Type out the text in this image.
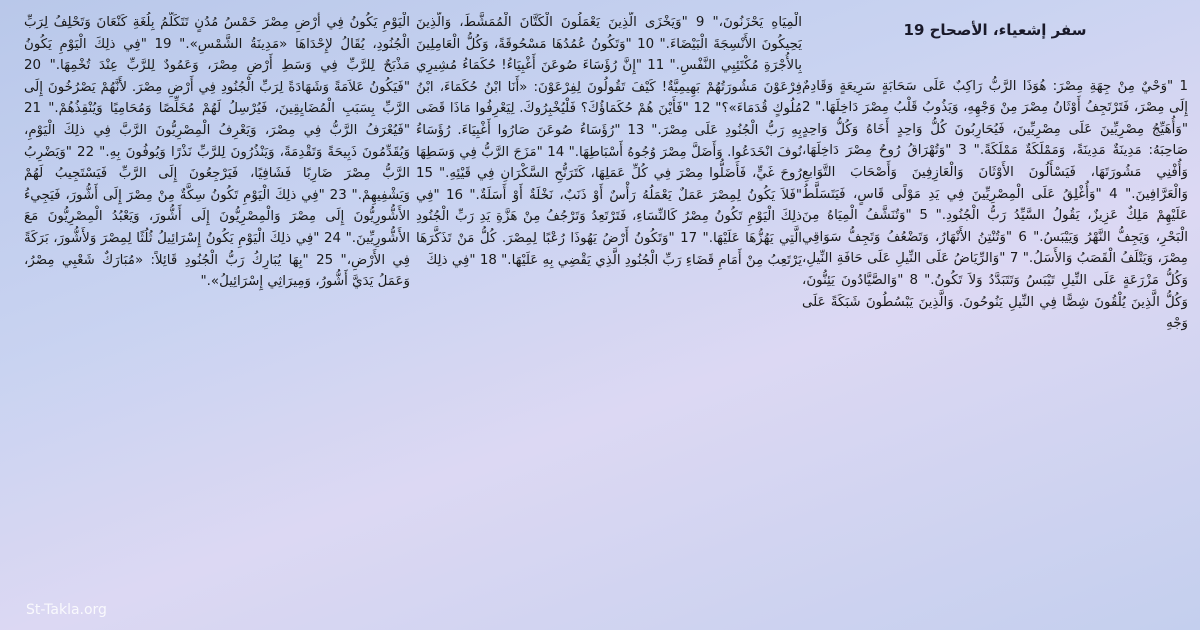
سفر إشعياء، الأصحاح 19
1 "وَحْيٌ مِنْ جِهَةِ مِصْرَ: هُوَذَا الرَّبُّ رَاكِبٌ عَلَى سَحَابَةٍ سَرِيعَةٍ وَقَادِمٌ إِلَى مِصْرَ، فَتَرْتَجِفُ أَوْثَانُ مِصْرَ مِنْ وَجْهِهِ، وَيَذُوبُ قَلْبُ مِصْرَ دَاخِلَهَا." 2 "وَأُهَيِّجُ مِصْرِيِّينَ عَلَى مِصْرِيِّينَ، فَيُحَارِبُونَ كُلُّ وَاحِدٍ أَخَاهُ وَكُلُّ وَاحِدٍ صَاحِبَهُ: مَدِينَةٌ مَدِينَةً، وَمَمْلَكَةٌ مَمْلَكَةً." 3 "وَتُهْرَاقُ رُوحُ مِصْرَ دَاخِلَهَا، وَأُفْنِي مَشُورَتَهَا، فَيَسْأَلُونَ الأَوْثَانَ وَالْعَازِفِينَ وَأَصْحَابَ التَّوَابعِ وَالْعَرَّافِينَ." 4 "وَأُغْلِقُ عَلَى الْمِصْرِيِّينَ فِي يَدِ مَوْلًى قَاسٍ، فَيَتَسَلَّطُ عَلَيْهِمْ مَلِكٌ عَزِيزٌ، يَقُولُ السَّيِّدُ رَبُّ الْجُنُودِ." 5 "وَتُنَشَّفُ الْمِيَاهُ مِنَ الْبَحْرِ، وَيَجِفُّ النَّهْرُ وَيَيْبَسُ." 6 "وَتُنْتِنُ الأَنْهَارُ، وَتَضْعُفُ وَتَجِفُّ سَوَاقِي مِصْرَ، وَيَتْلَفُ الْقَصَبُ وَالأَسَلُ." 7 "وَالرِّيَاضُ عَلَى النِّيلِ عَلَى حَافَةِ النِّيلِ، وَكُلُّ مَزْرَعَةٍ عَلَى النِّيلِ تَيْبَسُ وَتَتَبَدَّدُ وَلاَ تَكُونُ." 8 "وَالصَّيَّادُونَ يَئِنُّونَ، وَكُلُّ الَّذِينَ يُلْقُونَ شِصًّا فِي النِّيلِ يَنُوحُونَ. وَالَّذِينَ يَبْسُطُونَ شَبَكَةً عَلَى وَجْهِ
الْمِيَاهِ يَحْزَنُونَ،" 9 "وَيَخْزَى الَّذِينَ يَعْمَلُونَ الْكَتَّانَ الْمُمَشَّطَ، وَالَّذِينَ يَحِيكُونَ الأَنْسِجَةَ الْبَيْضَاءَ." 10 "وَتَكُونُ عُمُدُهَا مَسْحُوقَةً، وَكُلُّ الْعَامِلِينَ بِالأُجْرَةِ مُكْتَئِبِي النَّفْسِ." 11 "إِنَّ رُؤَسَاءَ صُوعَنَ أَغْبِيَاءُ! حُكَمَاءُ مُشِيرِي فِرْعَوْنَ مَشُورَتُهُمْ بَهِيمِيَّةٌ! كَيْفَ تَقُولُونَ لِفِرْعَوْنَ: «أَنَا ابْنُ حُكَمَاءَ، ابْنُ مُلُوكٍ قُدَمَاءَ»؟" 12 "فَأَيْنَ هُمْ حُكَمَاؤُكَ؟ فَلْيُخْبِرُوكَ. لِيَعْرِفُوا مَاذَا قَضَى بِهِ رَبُّ الْجُنُودِ عَلَى مِصْرَ." 13 "رُؤَسَاءُ صُوعَنَ صَارُوا أَغْبِيَاءَ. رُؤَسَاءُ نُوفَ انْخَدَعُوا. وَأَضَلَّ مِصْرَ وُجُوهُ أَسْبَاطِهَا." 14 "مَزَجَ الرَّبُّ فِي وَسَطِهَا رُوحَ غَيٍّ، فَأَضَلُّوا مِصْرَ فِي كُلِّ عَمَلِهَا، كَتَرَنُّحِ السَّكْرَانِ فِي قَيْئِهِ." 15 "فَلاَ يَكُونُ لِمِصْرَ عَمَلٌ يَعْمَلُهُ رَأْسٌ أَوْ ذَنَبٌ، نَخْلَةٌ أَوْ أَسَلَةٌ." 16 "فِي ذلِكَ الْيَوْمِ تَكُونُ مِصْرُ كَالنِّسَاءِ، فَتَرْتَعِدُ وَتَرْجُفُ مِنْ هَزَّةِ يَدِ رَبِّ الْجُنُودِ الَّتِي يَهُزُّهَا عَلَيْهَا." 17 "وَتَكُونُ أَرْضُ يَهُوذَا رُعْبًا لِمِصْرَ. كُلُّ مَنْ تَذَكَّرَهَا يَرْتَعِبُ مِنْ أَمَامِ قَضَاءِ رَبِّ الْجُنُودِ الَّذِي يَقْضِي بِهِ عَلَيْهَا." 18 "فِي ذلِكَ
الْيَوْمِ يَكُونُ فِي أَرْضِ مِصْرَ خَمْسُ مُدُنٍ تَتَكَلَّمُ بِلُغَةِ كَنْعَانَ وَتَحْلِفُ لِرَبِّ الْجُنُودِ، يُقَالُ لإِحْدَاهَا «مَدِينَةُ الشَّمْسِ»." 19 "فِي ذلِكَ الْيَوْمِ يَكُونُ مَذْبَحٌ لِلرَّبِّ فِي وَسَطِ أَرْضِ مِصْرَ، وَعَمُودٌ لِلرَّبِّ عِنْدَ تُخْمِهَا." 20 "فَيَكُونُ عَلاَمَةً وَشَهَادَةً لِرَبِّ الْجُنُودِ فِي أَرْضِ مِصْرَ. لأَنَّهُمْ يَصْرُخُونَ إِلَى الرَّبِّ بِسَبَبِ الْمُضَايِقِينَ، فَيُرْسِلُ لَهُمْ مُخَلِّصًا وَمُحَامِيًا وَيُنْقِذُهُمْ." 21 "فَيُعْرَفُ الرَّبُّ فِي مِصْرَ، وَيَعْرِفُ الْمِصْرِيُّونَ الرَّبَّ فِي ذلِكَ الْيَوْمِ، وَيُقَدِّمُونَ ذَبِيحَةً وَتَقْدِمَةً، وَيَنْذُرُونَ لِلرَّبِّ نَذْرًا وَيُوفُونَ بِهِ." 22 "وَيَضْرِبُ الرَّبُّ مِصْرَ ضَارِبًا فَشَافِيًا، فَيَرْجِعُونَ إِلَى الرَّبِّ فَيَسْتَجِيبُ لَهُمْ وَيَشْفِيهِمْ." 23 "فِي ذلِكَ الْيَوْمِ تَكُونُ سِكَّةٌ مِنْ مِصْرَ إِلَى أَشُّورَ، فَيَجِيءُ الأَشُّورِيُّونَ إِلَى مِصْرَ وَالْمِصْرِيُّونَ إِلَى أَشُّورَ، وَيَعْبُدُ الْمِصْرِيُّونَ مَعَ الأَشُّورِيِّينَ." 24 "فِي ذلِكَ الْيَوْمِ يَكُونُ إِسْرَائِيلُ ثُلُثًا لِمِصْرَ وَلأَشُّورَ، بَرَكَةً فِي الأَرْضِ،" 25 "بِهَا يُبَارِكُ رَبُّ الْجُنُودِ قَائِلاً: «مُبَارَكٌ شَعْبِي مِصْرُ، وَعَمَلُ يَدَيَّ أَشُّورُ، وَمِيرَاثِي إِسْرَائِيلُ»."
St-Takla.org
